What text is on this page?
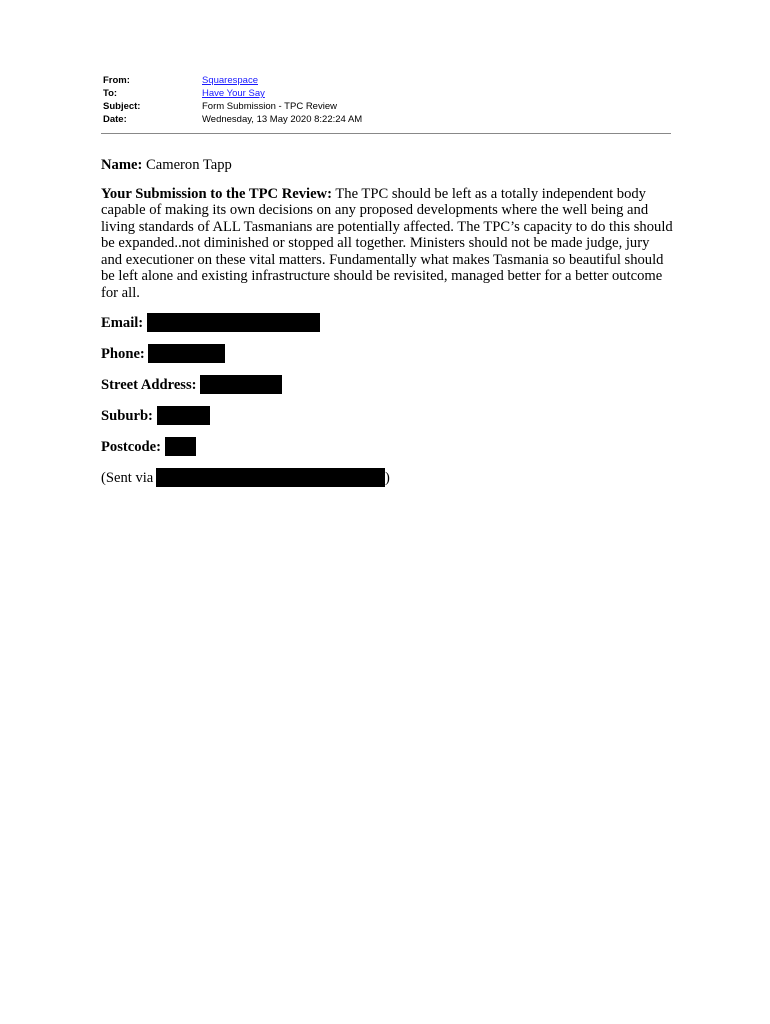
From:	Squarespace
To:	Have Your Say
Subject:	Form Submission - TPC Review
Date:	Wednesday, 13 May 2020 8:22:24 AM

Name: Cameron Tapp

Your Submission to the TPC Review: The TPC should be left as a totally independent body capable of making its own decisions on any proposed developments where the well being and living standards of ALL Tasmanians are potentially affected. The TPC’s capacity to do this should be expanded..not diminished or stopped all together. Ministers should not be made judge, jury and executioner on these vital matters. Fundamentally what makes Tasmania so beautiful should be left alone and existing infrastructure should be revisited, managed better for a better outcome for all.

Email:

Phone:

Street Address:

Suburb:

Postcode:

(Sent via	)
